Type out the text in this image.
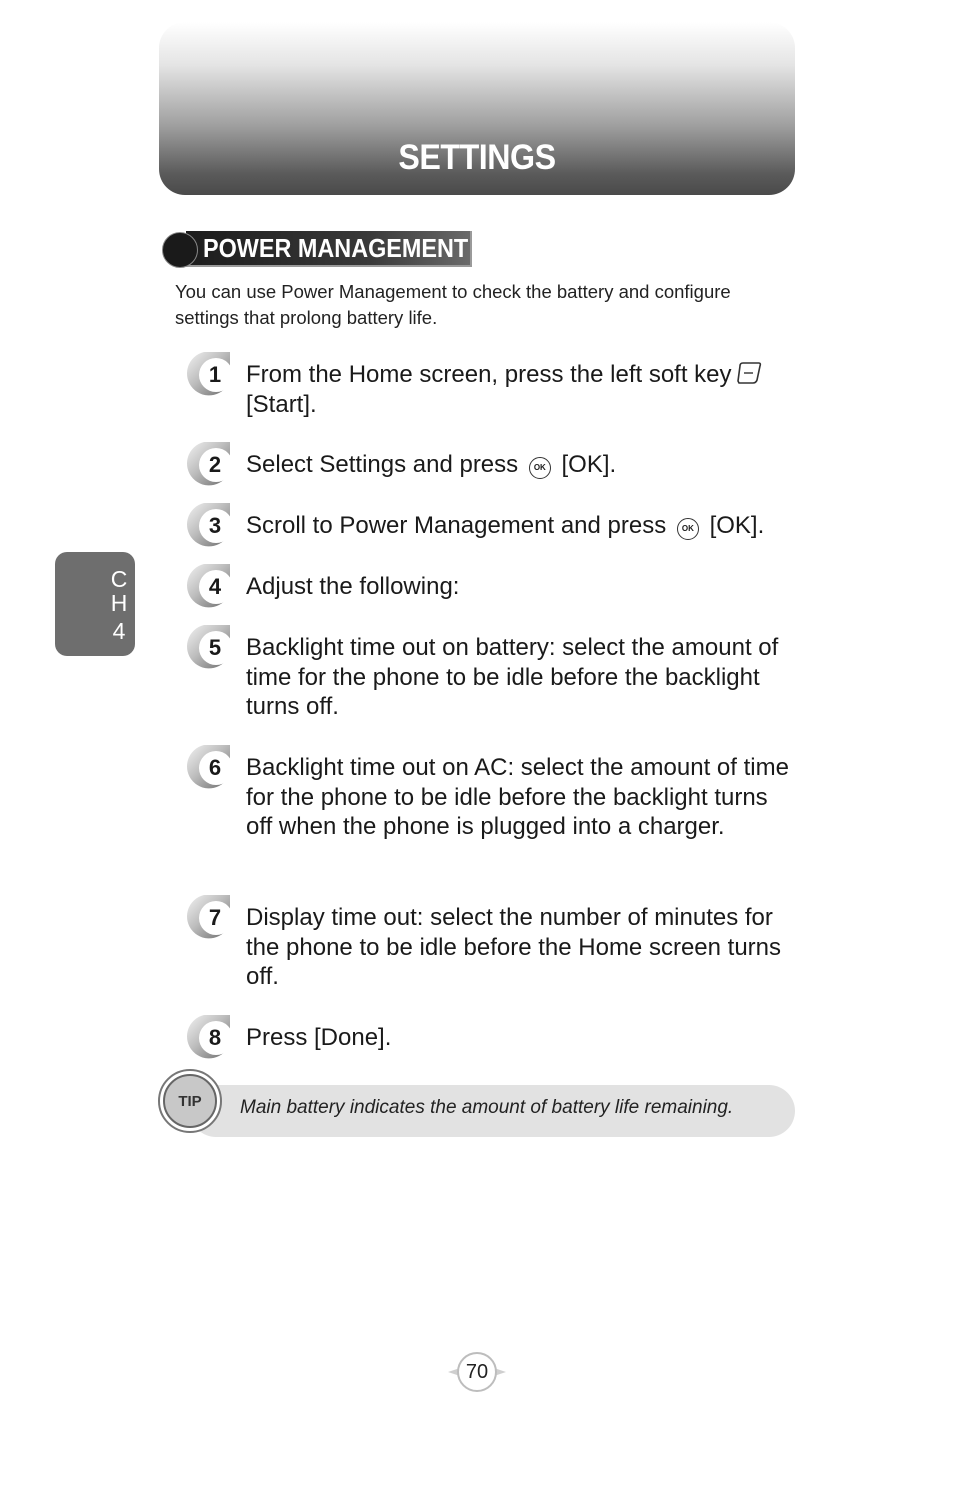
SETTINGS
POWER MANAGEMENT
You can use Power Management to check the battery and configure settings that prolong battery life.
C
H
4
1 From the Home screen, press the left soft key
[Start].
2 Select Settings and press OK [OK].
3 Scroll to Power Management and press OK [OK].
4 Adjust the following:
5 Backlight time out on battery: select the amount of time for the phone to be idle before the backlight turns off.
6 Backlight time out on AC: select the amount of time for the phone to be idle before the backlight turns off when the phone is plugged into a charger.
7 Display time out: select the number of minutes for the phone to be idle before the Home screen turns off.
8 Press [Done].
TIP Main battery indicates the amount of battery life remaining.
70
